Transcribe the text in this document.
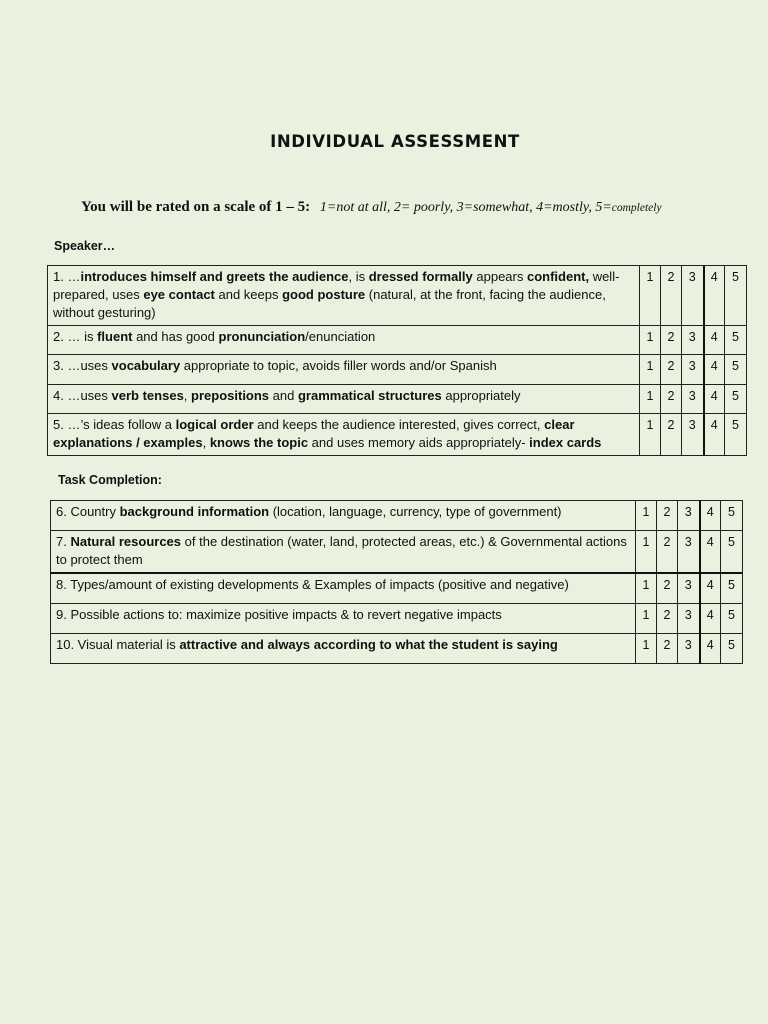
INDIVIDUAL ASSESSMENT
You will be rated on a scale of 1 – 5: 1=not at all, 2= poorly, 3=somewhat, 4=mostly, 5=completely
Speaker…
1. …introduces himself and greets the audience, is dressed formally appears confident, well-prepared, uses eye contact and keeps good posture (natural, at the front, facing the audience, without gesturing)	1	2	3	4	5
2. … is fluent and has good pronunciation/enunciation	1	2	3	4	5
3. …uses vocabulary appropriate to topic, avoids filler words and/or Spanish	1	2	3	4	5
4. …uses verb tenses, prepositions and grammatical structures appropriately	1	2	3	4	5
5. …’s ideas follow a logical order and keeps the audience interested, gives correct, clear explanations / examples, knows the topic and uses memory aids appropriately- index cards	1	2	3	4	5
Task Completion:
6. Country background information (location, language, currency, type of government)	1	2	3	4	5
7. Natural resources of the destination (water, land, protected areas, etc.) & Governmental actions to protect them	1	2	3	4	5
8. Types/amount of existing developments & Examples of impacts (positive and negative)	1	2	3	4	5
9. Possible actions to: maximize positive impacts & to revert negative impacts	1	2	3	4	5
10. Visual material is attractive and always according to what the student is saying	1	2	3	4	5
